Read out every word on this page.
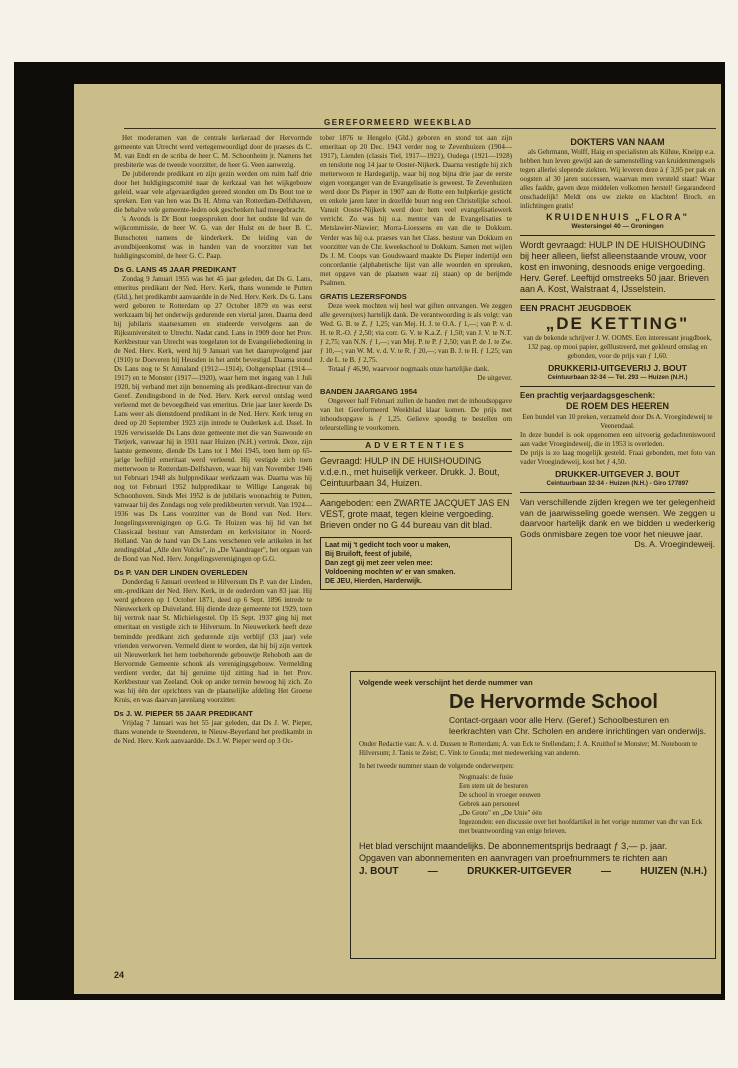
GEREFORMEERD WEEKBLAD

Het moderamen van de centrale kerkeraad der Hervormde gemeente van Utrecht werd vertegenwoordigd door de praeses ds C. M. van Endt en de scriba de heer C. M. Schoonheim jr. Namens het presbiterie was de tweede voorzitter, de heer G. Veen aanwezig.

De jubilerende predikant en zijn gezin werden om ruim half drie door het huldigingscomité naar de kerkzaal van het wijkgebouw geleid, waar vele afgevaardigden gereed stonden om Ds Bout toe te spreken. Een van hen was Ds H. Abma van Rotterdam-Delfshaven, die behalve vele gemeente-leden ook geschenken had meegebracht.

's Avonds is Dr Bout toegesproken door het oudste lid van de wijkcommissie, de heer W. G. van der Hulst en de heer B. C. Bunschoten namens de kinderkerk. De leiding van de avondbijeenkomst was in handen van de voorzitter van het huldigingscomité, de heer G. C. Paap.

Ds G. LANS 45 JAAR PREDIKANT

Zondag 9 Januari 1955 was het 45 jaar geleden, dat Ds G. Lans, emeritus predikant der Ned. Herv. Kerk, thans wonende te Putten (Gld.), het predikambt aanvaardde in de Ned. Herv. Kerk. Ds G. Lans werd geboren te Rotterdam op 27 October 1879 en was eerst werkzaam bij het onderwijs gedurende een viertal jaren. Daarna deed hij jubilaris staatsexamen en studeerde vervolgens aan de Rijksuniversiteit te Utrecht. Nadat cand. Lans in 1909 door het Prov. Kerkbestuur van Utrecht was toegelaten tot de Evangeliebediening in de Ned. Herv. Kerk, werd hij 9 Januari van het daaropvolgend jaar (1910) te Doeveren bij Heusden in het ambt bevestigd. Daarna stond Ds Lans nog te St Annaland (1912—1914), Ooltgensplaat (1914—1917) en te Monster (1917—1920), waar hem met ingang van 1 Juli 1920, bij verband met zijn benoeming als predikant-directeur van de Geref. Zendingsbond in de Ned. Herv. Kerk eervol ontslag werd verleend met de bevoegdheid van emeritus. Drie jaar later keerde Ds Lans weer als dienstdoend predikant in de Ned. Herv. Kerk terug en deed op 20 September 1923 zijn intrede te Ouderkerk a.d. IJssel. In 1926 verwisselde Ds Lans deze gemeente met die van Suawoude en Tietjerk, vanwaar hij in 1931 naar Huizen (N.H.) vertrok. Deze, zijn laatste gemeente, diende Ds Lans tot 1 Mei 1945, toen hem op 65-jarige leeftijd emeritaat werd verleend. Hij vestigde zich toen metterwoon te Rotterdam-Delfshaven, waar hij van November 1946 tot Februari 1948 als hulppredikaar werkzaam was. Daarna was hij nog tot Februari 1952 hulppredikaar te Willige Langerak bij Schoonhoven. Sinds Mei 1952 is de jubilaris woonachtig te Putten, vanwaar hij des Zondags nog vele predikbeurten vervult. Van 1924—1936 was Ds Lans voorzitter van de Bond van Ned. Herv. Jongelingsverenigingen op G.G. Te Huizen was hij lid van het Classicaal bestuur van Amsterdam en kerkvisitator in Noord-Holland. Van de hand van Ds Lans verschenen vele artikelen in het zendingsblad „Alle den Volcke", in „De Vaandrager", het orgaan van de Bond van Ned. Herv. Jongelingsverenigingen op G.G.

Ds P. VAN DER LINDEN OVERLEDEN

Donderdag 6 Januari overleed te Hilversum Ds P. van der Linden, em.-predikant der Ned. Herv. Kerk, in de ouderdom van 83 jaar. Hij werd geboren op 1 October 1871, deed op 6 Sept. 1896 intrede te Nieuwerkerk op Duiveland. Hij diende deze gemeente tot 1929, toen hij vertrok naar St. Michielsgestel. Op 15 Sept. 1937 ging hij met emeritaat en vestigde zich te Hilversum. In Nieuwerkerk heeft deze bemindde predikant zich gedurende zijn verblijf (33 jaar) vele vrienden verworven. Vermeld dient te worden, dat hij bij zijn vertrek uit Nieuwerkerk het hem toebehorende gebouwtje Rehoboth aan de Hervormde Gemeente schonk als verenigingsgebouw. Vermelding verdient verder, dat hij geruime tijd zitting had in het Prov. Kerkbestuur van Zeeland. Ook op ander terrein bewoog hij zich. Zo was hij één der oprichters van de plaatselijke afdeling Het Groene Kruis, en was daarvan jarenlang voorzitter.

Ds J. W. PIEPER 55 JAAR PREDIKANT

Vrijdag 7 Januari was het 55 jaar geleden, dat Ds J. W. Pieper, thans wonende te Steenderen, te Nieuw-Beyerland het predikambt in de Ned. Herv. Kerk aanvaardde. Ds J. W. Pieper werd op 3 Oc-

tober 1876 te Hengelo (Gld.) geboren en stond tot aan zijn emeritaat op 20 Dec. 1943 verder nog te Zevenhuizen (1904—1917), Lienden (classis Tiel, 1917—1921), Oudega (1921—1928) en tenslotte nog 14 jaar te Ooster-Nijkerk. Daarna vestigde hij zich metterwoon te Hardegarijp, waar hij nog bijna drie jaar de eerste eigen voorganger van de Evangelisatie is geweest. Te Zevenhuizen werd door Ds Pieper in 1907 aan de Rotte een hulpkerkje gesticht en enkele jaren later in dezelfde buurt nog een Christelijke school. Vanuit Ooster-Nijkerk werd door hem veel evangelisatiewerk verricht. Zo was hij o.a. mentor van de Evangelisaties te Metslawier-Niawier; Morra-Lioessens en van die te Dokkum. Verder was hij o.a. praeses van het Class. bestuur van Dokkum en voorzitter van de Chr. kweekschool te Dokkum. Samen met wijlen Ds J. M. Coops van Goudswaard maakte Ds Pieper indertijd een concordantie (alphabetische lijst van alle woorden en spreuken, met opgave van de plaatsen waar zij staan) op de berijmde Psalmen.

GRATIS LEZERSFONDS

Deze week mochten wij heel wat giften ontvangen. We zeggen alle gevers(ters) hartelijk dank. De verantwoording is als volgt: van Wed. G. B. te Z. ƒ 1,25; van Mej. H. J. te O.A. ƒ 1,—; van P. v. d. H. te R.-O. ƒ 2,50; via corr. G. V. te K.a.Z. ƒ 1,50; van J. V. te N.T. ƒ 2,75; van N.N. ƒ 1,—; van Mej. P. te P. ƒ 2,50; van P. de J. te Zw. ƒ 10,—; van W. M. v. d. V. te R. ƒ 20,—; van B. J. te H. ƒ 1,25; van J. de L. te B. ƒ 2,75.

Totaal ƒ 46,90, waarvoor nogmaals onze hartelijke dank.

De uitgever.
BANDEN JAARGANG 1954

Ongeveer half Februari zullen de banden met de inhoudsopgave van het Gereformeerd Weekblad klaar komen. De prijs met inhoudsopgave is ƒ 1,25. Gelieve spoedig te bestellen om teleurstelling te voorkomen.

ADVERTENTIES
Gevraagd: HULP IN DE HUISHOUDING v.d.e.n., met huiselijk verkeer. Drukk. J. Bout, Ceintuurbaan 34, Huizen.
Aangeboden: een ZWARTE JACQUET JAS EN VEST, grote maat, tegen kleine vergoeding. Brieven onder no G 44 bureau van dit blad.
Laat mij 't gedicht toch voor u maken,
Bij Bruiloft, feest of jubilé,
Dan zegt gij met zeer velen mee:
Voldoening mochten w' er van smaken.
DE JEU, Hierden, Harderwijk.
DOKTERS VAN NAAM

als Gehrmann, Wolff, Haig en specialisten als Kühne, Kneipp e.a. hebben hun leven gewijd aan de samenstelling van kruidenmengsels tegen allerlei slepende ziekten. Wij leveren deze à ƒ 3,95 per pak en oogsten al 30 jaren successen, waarvan men versteld staat! Waar alles faalde, gaven deze middelen volkomen herstel! Gegarandeerd onschadelijk! Meldt ons uw ziekte en klachten! Broch. en inlichtingen gratis!

KRUIDENHUIS „FLORA"
Westersingel 40 — Groningen
Wordt gevraagd: HULP IN DE HUISHOUDING bij heer alleen, liefst alleenstaande vrouw, voor kost en inwoning, desnoods enige vergoeding. Herv. Geref. Leeftijd omstreeks 50 jaar. Brieven aan A. Kost, Walstraat 4, IJsselstein.
EEN PRACHT JEUGDBOEK
„DE KETTING"
van de bekende schrijver J. W. OOMS. Een interessant jeugdboek, 132 pag. op mooi papier, geïllustreerd, met gekleurd omslag en gebonden, voor de prijs van ƒ 1,60.
DRUKKERIJ-UITGEVERIJ J. BOUT
Ceintuurbaan 32-34 — Tel. 293 — Huizen (N.H.)
Een prachtig verjaardagsgeschenk:
DE ROEM DES HEEREN
Een bundel van 10 preken, verzameld door Ds A. Vroegindeweij te Veenendaal.
In deze bundel is ook opgenomen een uitvoerig gedachteniswoord aan vader Vroegindeweij, die in 1953 is overleden.
De prijs is zo laag mogelijk gesteld. Fraai gebonden, met foto van vader Vroegindeweij, kost het ƒ 4,50.
DRUKKER-UITGEVER J. BOUT
Ceintuurbaan 32-34 - Huizen (N.H.) - Giro 177897
Van verschillende zijden kregen we ter gelegenheid van de jaarwisseling goede wensen. We zeggen u daarvoor hartelijk dank en we bidden u wederkerig Gods onmisbare zegen toe voor het nieuwe jaar.
Ds. A. Vroegindeweij.
Volgende week verschijnt het derde nummer van
De Hervormde School
Contact-orgaan voor alle Herv. (Geref.) Schoolbesturen en leerkrachten van Chr. Scholen en andere inrichtingen van onderwijs.
Onder Redactie van: A. v. d. Dussen te Rotterdam; A. van Eck te Stellendam; J. A. Kruithof te Monster; M. Noteboom te Hilversum; J. Tanis te Zeist; C. Vink te Gouda; met medewerking van anderen.
In het tweede nummer staan de volgende onderwerpen:
Nogmaals: de fusie
Een stem uit de besturen
De school in vroeger eeuwen
Gebrek aan personeel
„De Grote" en „De Unie" één
Ingezonden: een discussie over het hoofdartikel in het vorige nummer van dhr van Eck met beantwoording van enige brieven.
Het blad verschijnt maandelijks. De abonnementsprijs bedraagt ƒ 3,— p. jaar.
Opgaven van abonnementen en aanvragen van proefnummers te richten aan
J. BOUT	—	DRUKKER-UITGEVER	—	HUIZEN (N.H.)
24
